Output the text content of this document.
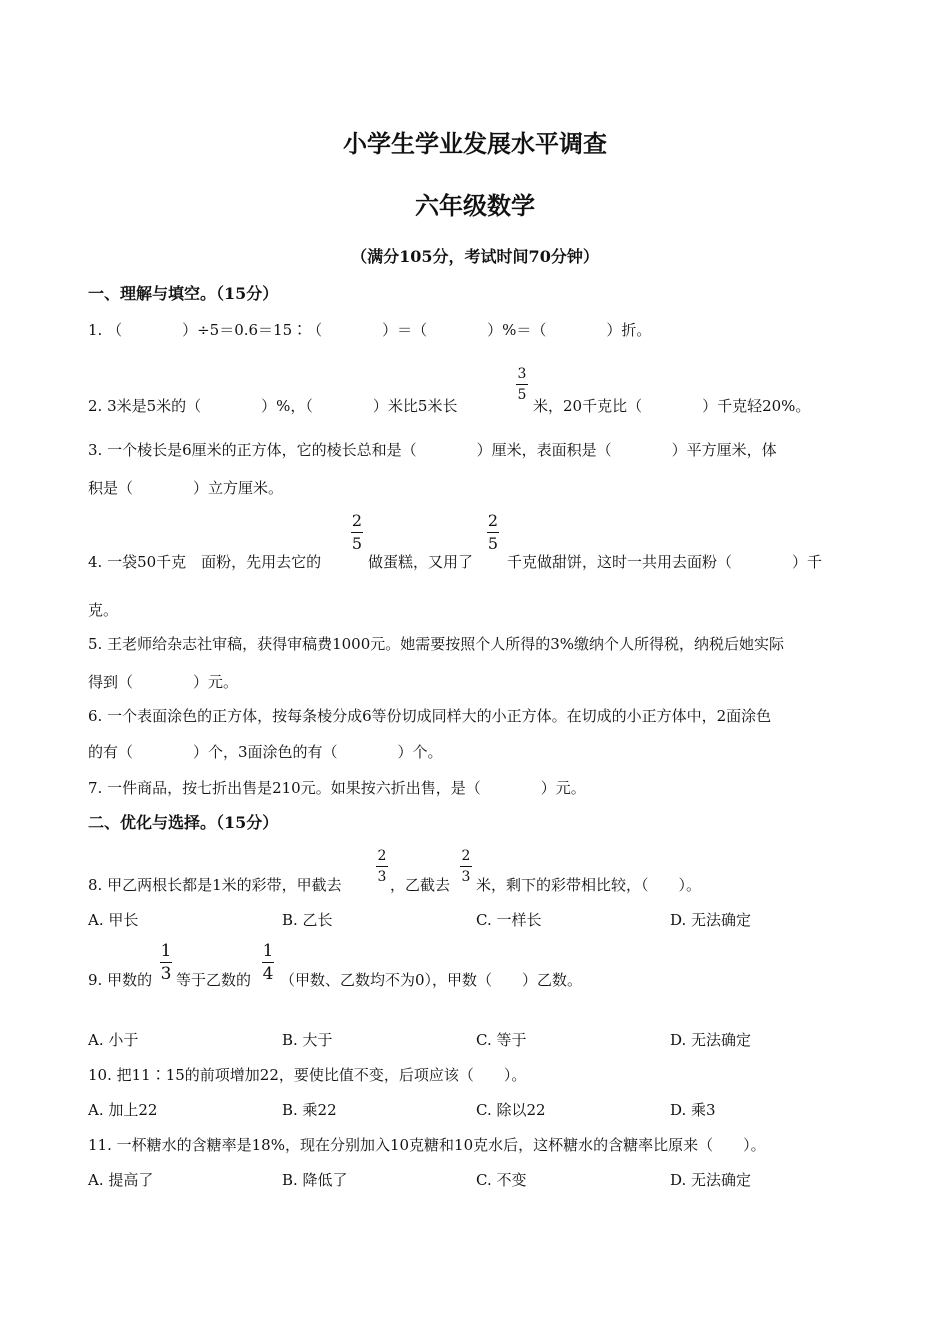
小学生学业发展水平调查
六年级数学
（满分105分，考试时间70分钟）
一、理解与填空。（15分）
1. （　　　　）÷5＝0.6＝15∶（　　　　）＝（　　　　）%＝（　　　　）折。
2. 3米是5米的（　　　　）%，（　　　　）米比5米长
3
5
米，20千克比（　　　　）千克轻20%。
3. 一个棱长是6厘米的正方体，它的棱长总和是（　　　　）厘米，表面积是（　　　　）平方厘米，体
积是（　　　　）立方厘米。
4. 一袋50千克　面粉，先用去它的
2
5
做蛋糕，又用了
2
5
千克做甜饼，这时一共用去面粉（　　　　）千
克。
5. 王老师给杂志社审稿，获得审稿费1000元。她需要按照个人所得的3%缴纳个人所得税，纳税后她实际
得到（　　　　）元。
6. 一个表面涂色的正方体，按每条棱分成6等份切成同样大的小正方体。在切成的小正方体中，2面涂色
的有（　　　　）个，3面涂色的有（　　　　）个。
7. 一件商品，按七折出售是210元。如果按六折出售，是（　　　　）元。
二、优化与选择。（15分）
8. 甲乙两根长都是1米的彩带，甲截去
2
3 ，乙截去
2
3 米，剩下的彩带相比较，（　　）。
A. 甲长	B. 乙长	C. 一样长	D. 无法确定
9. 甲数的
1
3 等于乙数的
1
4 （甲数、乙数均不为0），甲数（　　）乙数。
A. 小于	B. 大于	C. 等于	D. 无法确定
10. 把11∶15的前项增加22，要使比值不变，后项应该（　　）。
A. 加上22	B. 乘22	C. 除以22	D. 乘3
11. 一杯糖水的含糖率是18%，现在分别加入10克糖和10克水后，这杯糖水的含糖率比原来（　　）。
A. 提高了	B. 降低了	C. 不变	D. 无法确定
